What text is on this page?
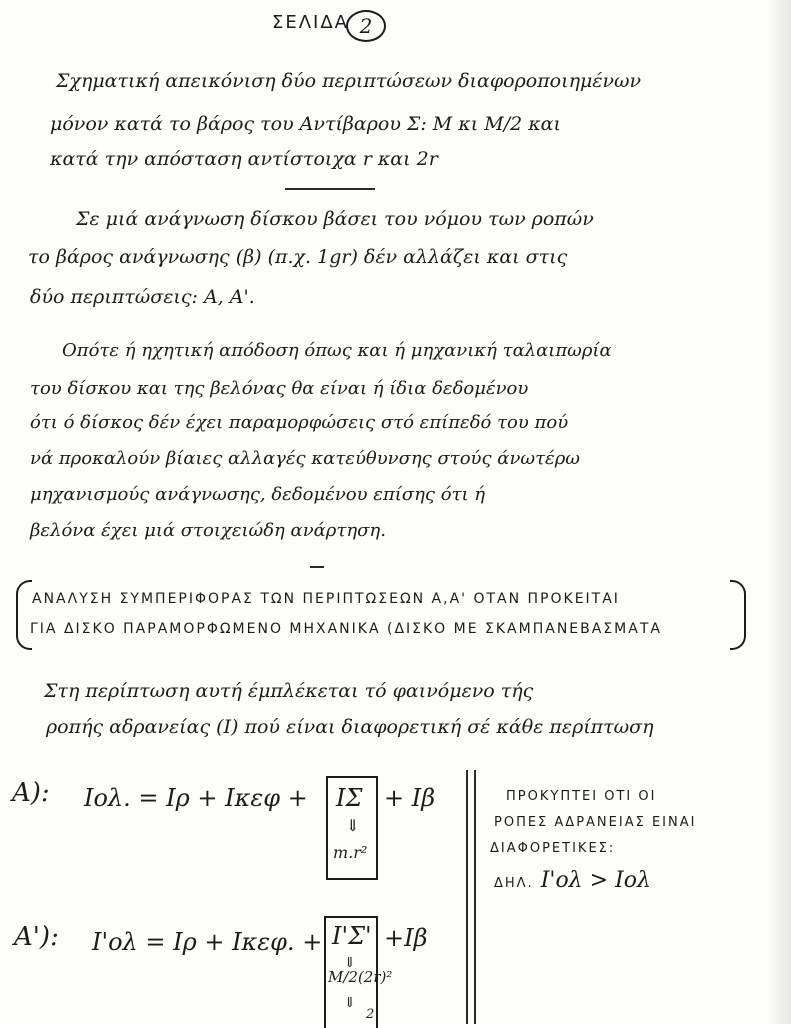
ΣΕΛΙΔΑ 2
Σχηματική απεικόνιση δύο περιπτώσεων διαφοροποιημένων
μόνον κατά το βάρος του Αντίβαρου Σ: M κι M/2 και
κατά την απόσταση αντίστοιχα r και 2r
Σε μιά ανάγνωση δίσκου βάσει του νόμου των ροπών
το βάρος ανάγνωσης (β) (π.χ. 1gr) δέν αλλάζει και στις
δύο περιπτώσεις: A, A'.
Οπότε ή ηχητική απόδοση όπως και ή μηχανική ταλαιπωρία
του δίσκου και της βελόνας θα είναι ή ίδια δεδομένου
ότι ό δίσκος δέν έχει παραμορφώσεις στό επίπεδό του πού
νά προκαλούν βίαιες αλλαγές κατεύθυνσης στούς άνωτέρω
μηχανισμούς ανάγνωσης, δεδομένου επίσης ότι ή
βελόνα έχει μιά στοιχειώδη ανάρτηση.
ΑΝΑΛΥΣΗ ΣΥΜΠΕΡΙΦΟΡΑΣ ΤΩΝ ΠΕΡΙΠΤΩΣΕΩΝ A,A' ΟΤΑΝ ΠΡΟΚΕΙΤΑΙ
ΓΙΑ ΔΙΣΚΟ ΠΑΡΑΜΟΡΦΩΜΕΝΟ ΜΗΧΑΝΙΚΑ (ΔΙΣΚΟ ΜΕ ΣΚΑΜΠΑΝΕΒΑΣΜΑΤΑ
Στη περίπτωση αυτή έμπλέκεται τό φαινόμενο τής
ροπής αδρανείας (I) πού είναι διαφορετική σέ κάθε περίπτωση
A): Iολ. = Iρ + Iκεφ + IΣ
⇓
m.r²
+ Iβ	ΠΡΟΚΥΠΤΕΙ ΟΤΙ ΟΙ
ΡΟΠΕΣ ΑΔΡΑΝΕΙΑΣ ΕΙΝΑΙ
ΔΙΑΦΟΡΕΤΙΚΕΣ:
ΔΗΛ. I'ολ > Iολ
A'): I'ολ = Iρ + Iκεφ. + I'Σ'
⇓
M/2(2r)²
⇓
2
+Iβ
